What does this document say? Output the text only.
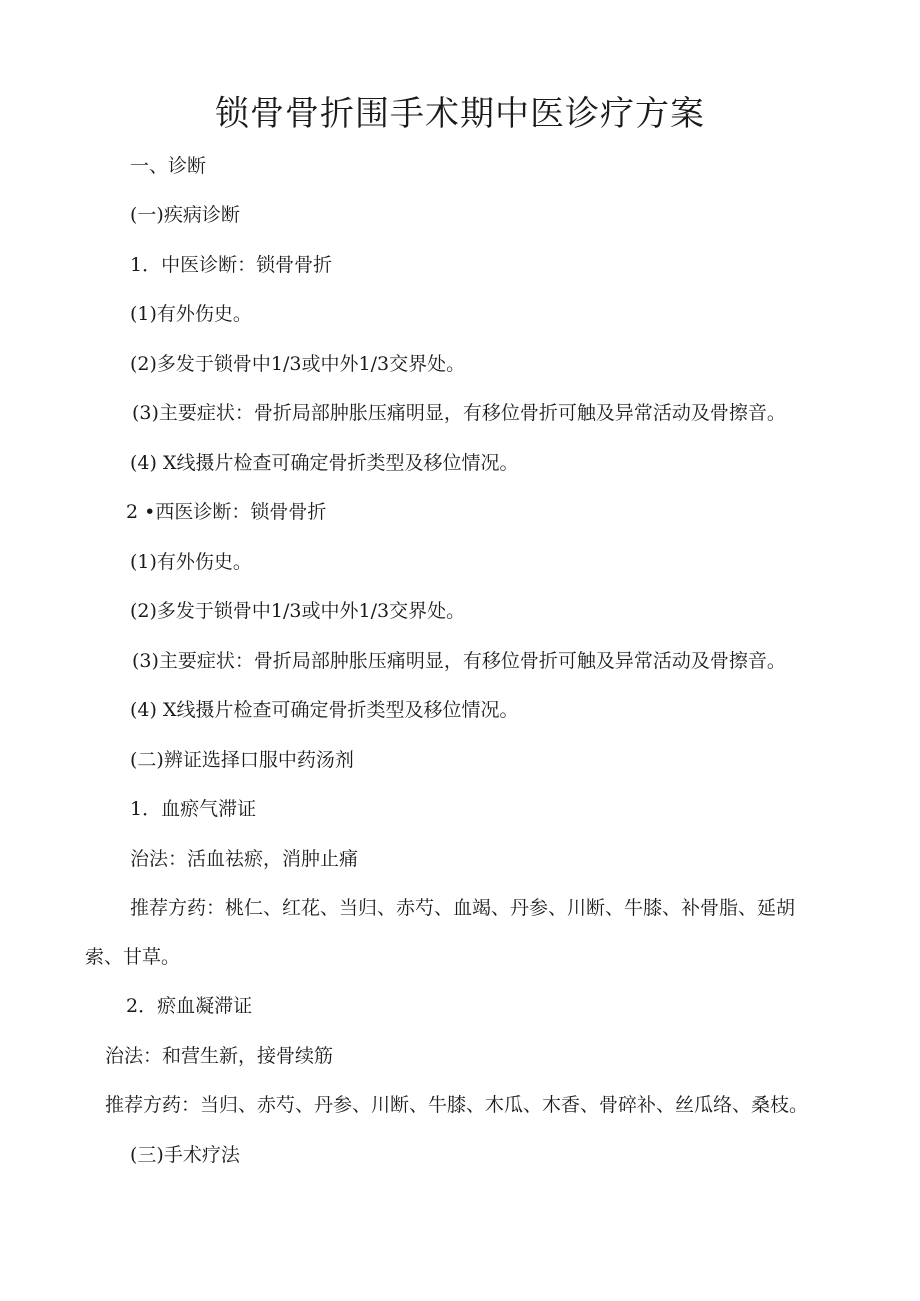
锁骨骨折围手术期中医诊疗方案
一、诊断
(一)疾病诊断
1．中医诊断：锁骨骨折
(1)有外伤史。
(2)多发于锁骨中1/3或中外1/3交界处。
(3)主要症状：骨折局部肿胀压痛明显，有移位骨折可触及异常活动及骨擦音。
(4) X线摄片检查可确定骨折类型及移位情况。
2 •西医诊断：锁骨骨折
(1)有外伤史。
(2)多发于锁骨中1/3或中外1/3交界处。
(3)主要症状：骨折局部肿胀压痛明显，有移位骨折可触及异常活动及骨擦音。
(4) X线摄片检查可确定骨折类型及移位情况。
(二)辨证选择口服中药汤剂
1．血瘀气滞证
治法：活血祛瘀，消肿止痛
推荐方药：桃仁、红花、当归、赤芍、血竭、丹参、川断、牛膝、补骨脂、延胡
索、甘草。
2．瘀血凝滞证
治法：和营生新，接骨续筋
推荐方药：当归、赤芍、丹参、川断、牛膝、木瓜、木香、骨碎补、丝瓜络、桑枝。
(三)手术疗法
